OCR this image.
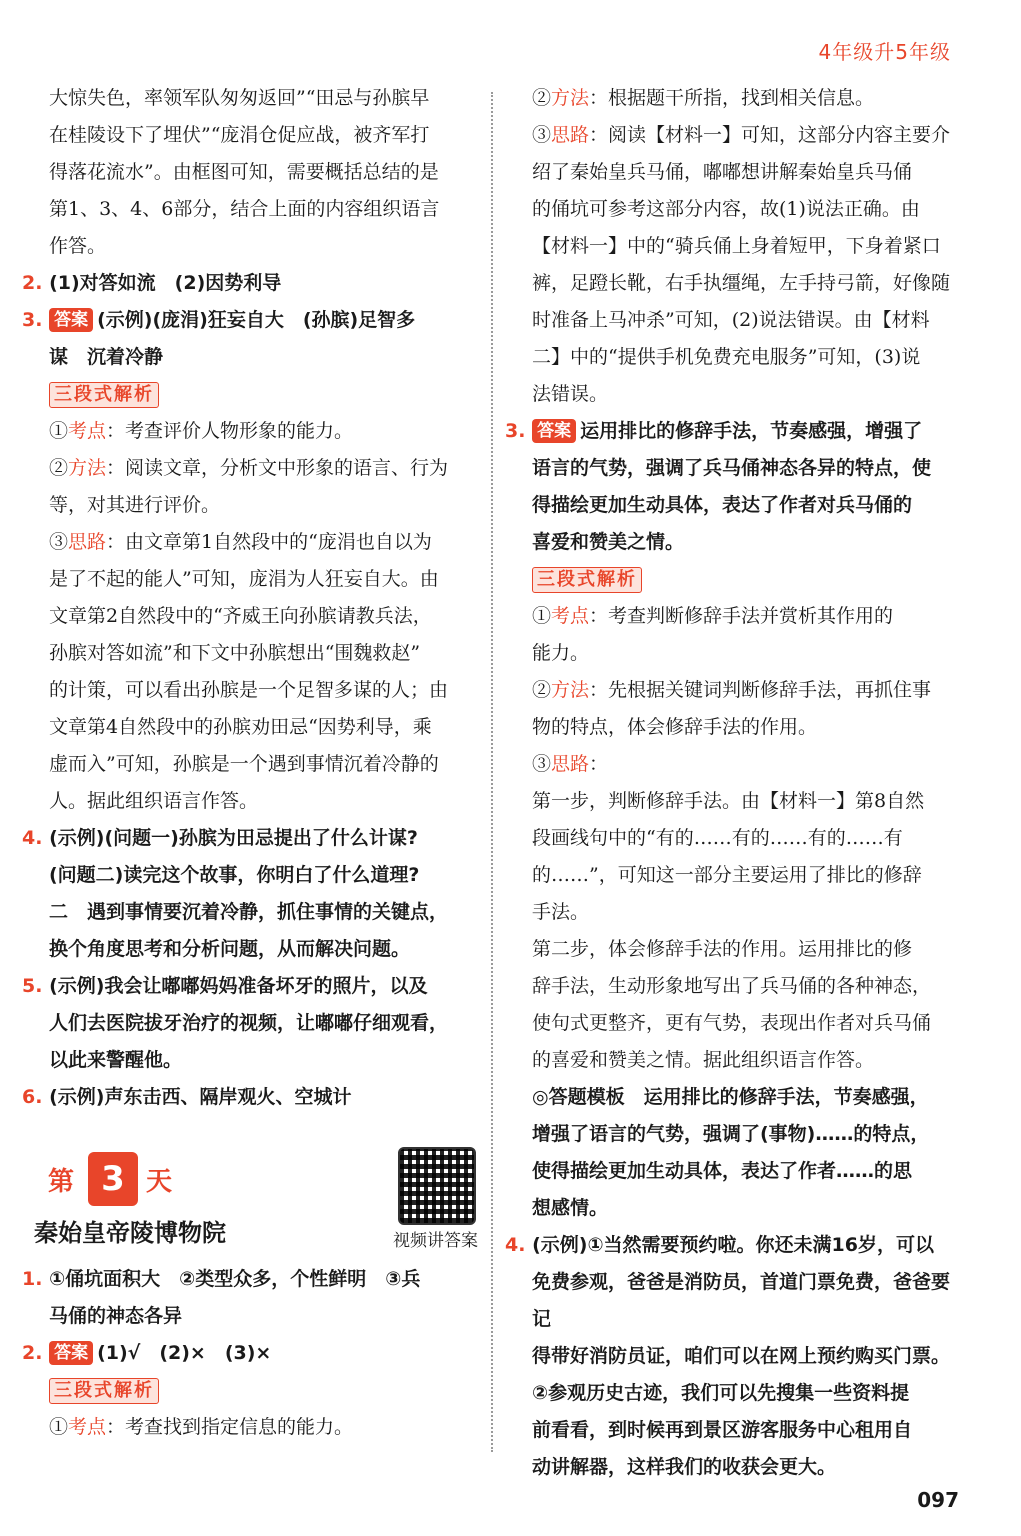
4年级升5年级

大惊失色，率领军队匆匆返回”“田忌与孙膑早

在桂陵设下了埋伏”“庞涓仓促应战，被齐军打

得落花流水”。由框图可知，需要概括总结的是

第1、3、4、6部分，结合上面的内容组织语言

作答。

2. (1)对答如流　(2)因势利导

3. 答案 (示例)(庞涓)狂妄自大　(孙膑)足智多

谋　沉着冷静

三段式解析

①考点：考查评价人物形象的能力。

②方法：阅读文章，分析文中形象的语言、行为

等，对其进行评价。

③思路：由文章第1自然段中的“庞涓也自以为

是了不起的能人”可知，庞涓为人狂妄自大。由

文章第2自然段中的“齐威王向孙膑请教兵法，

孙膑对答如流”和下文中孙膑想出“围魏救赵”

的计策，可以看出孙膑是一个足智多谋的人；由

文章第4自然段中的孙膑劝田忌“因势利导，乘

虚而入”可知，孙膑是一个遇到事情沉着冷静的

人。据此组织语言作答。

4. (示例)(问题一)孙膑为田忌提出了什么计谋?

(问题二)读完这个故事，你明白了什么道理?

二　遇到事情要沉着冷静，抓住事情的关键点，

换个角度思考和分析问题，从而解决问题。

5. (示例)我会让嘟嘟妈妈准备坏牙的照片，以及

人们去医院拔牙治疗的视频，让嘟嘟仔细观看，

以此来警醒他。

6. (示例)声东击西、隔岸观火、空城计

第 3 天

秦始皇帝陵博物院

1. ①俑坑面积大　②类型众多，个性鲜明　③兵

马俑的神态各异

2. 答案 (1)√　(2)×　(3)×

三段式解析

①考点：考查找到指定信息的能力。

视频讲答案

②方法：根据题干所指，找到相关信息。

③思路：阅读【材料一】可知，这部分内容主要介

绍了秦始皇兵马俑，嘟嘟想讲解秦始皇兵马俑

的俑坑可参考这部分内容，故(1)说法正确。由

【材料一】中的“骑兵俑上身着短甲，下身着紧口

裤，足蹬长靴，右手执缰绳，左手持弓箭，好像随

时准备上马冲杀”可知，(2)说法错误。由【材料

二】中的“提供手机免费充电服务”可知，(3)说

法错误。

3. 答案 运用排比的修辞手法，节奏感强，增强了

语言的气势，强调了兵马俑神态各异的特点，使

得描绘更加生动具体，表达了作者对兵马俑的

喜爱和赞美之情。

三段式解析

①考点：考查判断修辞手法并赏析其作用的

能力。

②方法：先根据关键词判断修辞手法，再抓住事

物的特点，体会修辞手法的作用。

③思路：

第一步，判断修辞手法。由【材料一】第8自然

段画线句中的“有的……有的……有的……有

的……”，可知这一部分主要运用了排比的修辞

手法。

第二步，体会修辞手法的作用。运用排比的修

辞手法，生动形象地写出了兵马俑的各种神态，

使句式更整齐，更有气势，表现出作者对兵马俑

的喜爱和赞美之情。据此组织语言作答。

◎答题模板　运用排比的修辞手法，节奏感强，

增强了语言的气势，强调了(事物)……的特点，

使得描绘更加生动具体，表达了作者……的思

想感情。

4. (示例)①当然需要预约啦。你还未满16岁，可以

免费参观，爸爸是消防员，首道门票免费，爸爸要记

得带好消防员证，咱们可以在网上预约购买门票。

②参观历史古迹，我们可以先搜集一些资料提

前看看，到时候再到景区游客服务中心租用自

动讲解器，这样我们的收获会更大。

097
